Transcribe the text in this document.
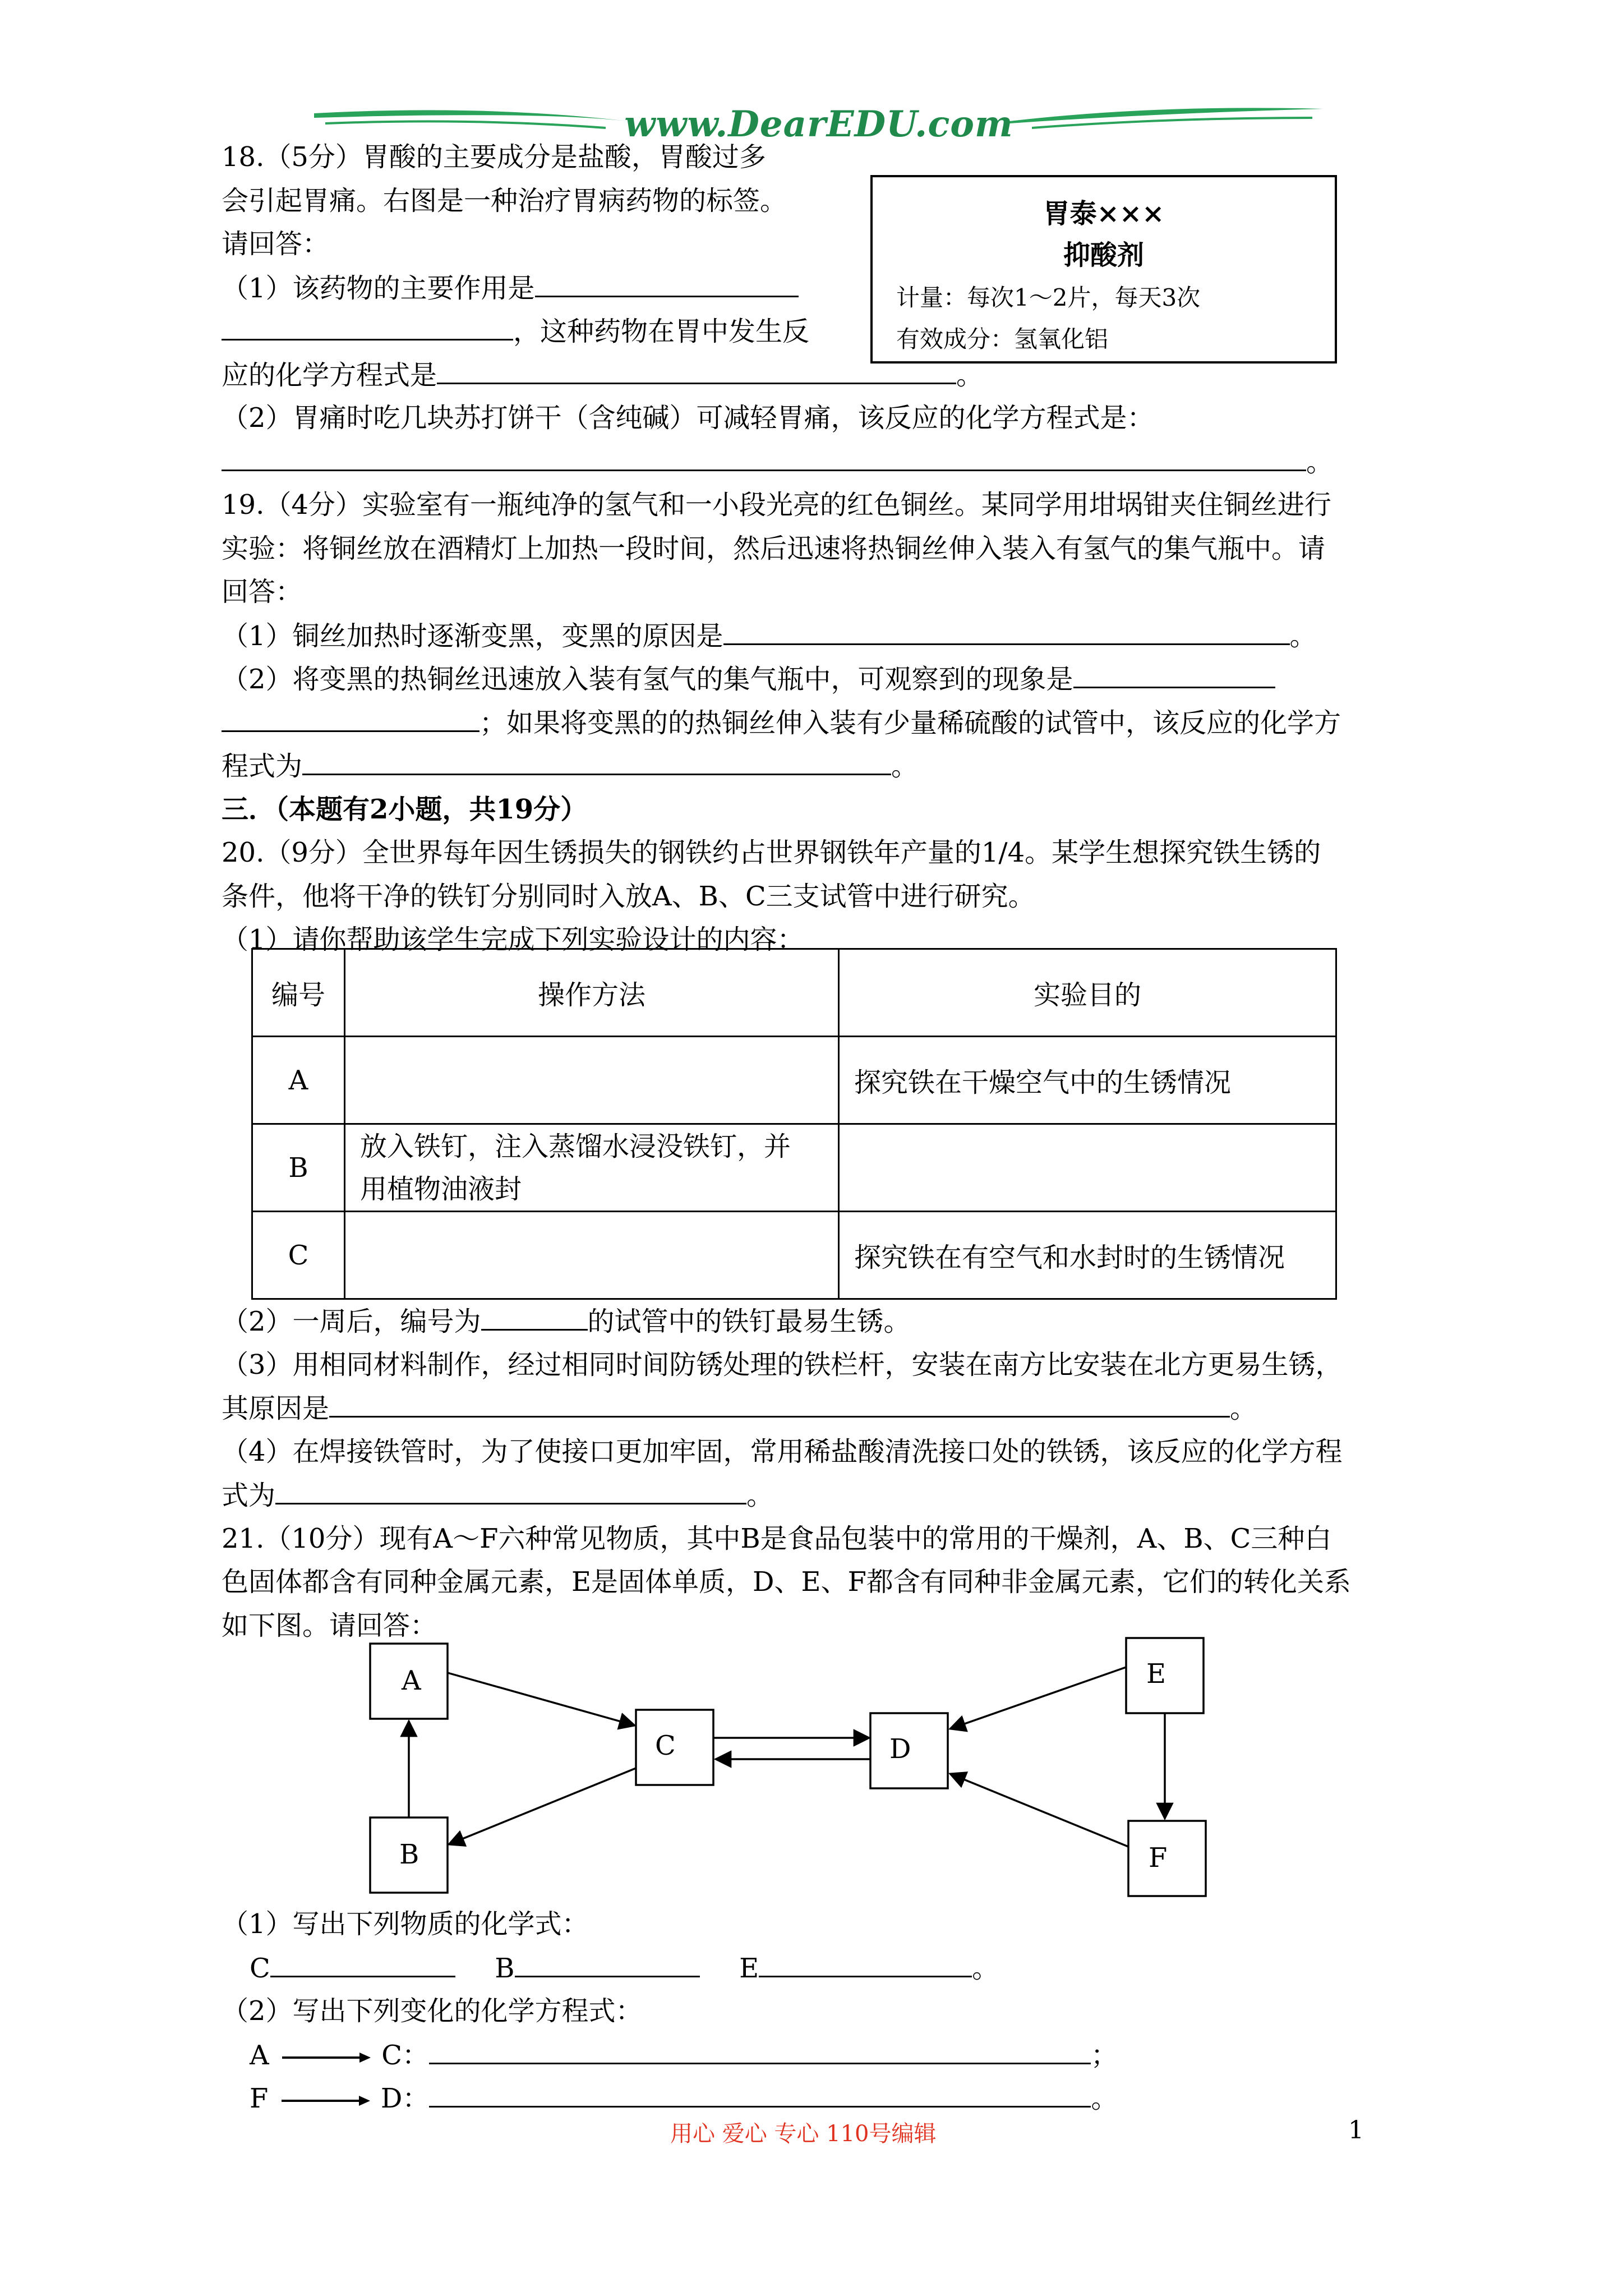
www.DearEDU.com
18.（5分）胃酸的主要成分是盐酸，胃酸过多
会引起胃痛。右图是一种治疗胃病药物的标签。
请回答：
（1）该药物的主要作用是
，这种药物在胃中发生反
应的化学方程式是	。
（2）胃痛时吃几块苏打饼干（含纯碱）可减轻胃痛，该反应的化学方程式是：
。
胃泰×××
抑酸剂
计量：每次1～2片，每天3次
有效成分：氢氧化铝
19.（4分）实验室有一瓶纯净的氢气和一小段光亮的红色铜丝。某同学用坩埚钳夹住铜丝进行
实验：将铜丝放在酒精灯上加热一段时间，然后迅速将热铜丝伸入装入有氢气的集气瓶中。请
回答：
（1）铜丝加热时逐渐变黑，变黑的原因是	。
（2）将变黑的热铜丝迅速放入装有氢气的集气瓶中，可观察到的现象是
；如果将变黑的的热铜丝伸入装有少量稀硫酸的试管中，该反应的化学方
程式为	。
三．（本题有2小题，共19分）
20.（9分）全世界每年因生锈损失的钢铁约占世界钢铁年产量的1/4。某学生想探究铁生锈的
条件，他将干净的铁钉分别同时入放A、B、C三支试管中进行研究。
（1）请你帮助该学生完成下列实验设计的内容：
编号	操作方法	实验目的
A		探究铁在干燥空气中的生锈情况
B	放入铁钉，注入蒸馏水浸没铁钉，并
用植物油液封	

C		探究铁在有空气和水封时的生锈情况
（2）一周后，编号为	的试管中的铁钉最易生锈。
（3）用相同材料制作，经过相同时间防锈处理的铁栏杆，安装在南方比安装在北方更易生锈，
其原因是	。
（4）在焊接铁管时，为了使接口更加牢固，常用稀盐酸清洗接口处的铁锈，该反应的化学方程
式为	。
21.（10分）现有A～F六种常见物质，其中B是食品包装中的常用的干燥剂，A、B、C三种白
色固体都含有同种金属元素，E是固体单质，D、E、F都含有同种非金属元素，它们的转化关系
如下图。请回答：
A
B
C	D
E
F
（1）写出下列物质的化学式：
C	B	E	。
（2）写出下列变化的化学方程式：
A	C：	；
F	D：	。
用心 爱心 专心 110号编辑	1
